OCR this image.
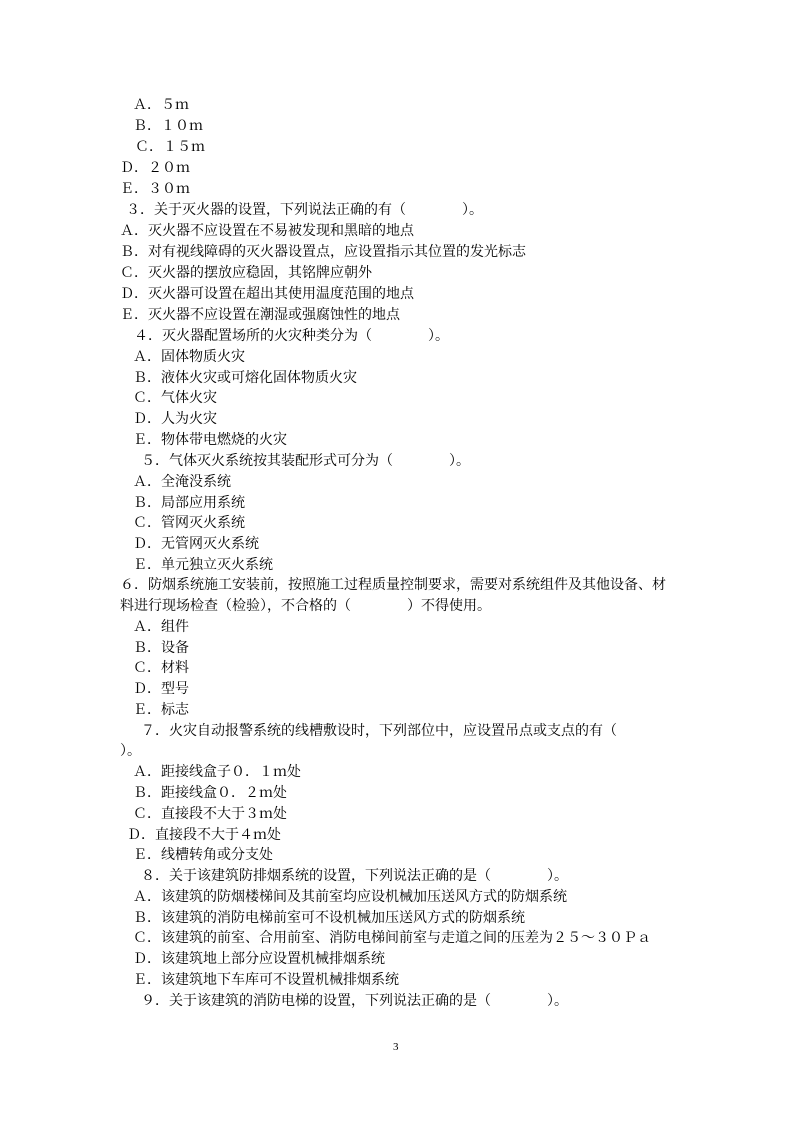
Ａ．５ｍ
Ｂ．１０ｍ
Ｃ．１５ｍ
Ｄ．２０ｍ
Ｅ．３０ｍ
３．关于灭火器的设置，下列说法正确的有（　　　　）。
Ａ．灭火器不应设置在不易被发现和黑暗的地点
Ｂ．对有视线障碍的灭火器设置点，应设置指示其位置的发光标志
Ｃ．灭火器的摆放应稳固，其铭牌应朝外
Ｄ．灭火器可设置在超出其使用温度范围的地点
Ｅ．灭火器不应设置在潮湿或强腐蚀性的地点
４．灭火器配置场所的火灾种类分为（　　　　）。
Ａ．固体物质火灾
Ｂ．液体火灾或可熔化固体物质火灾
Ｃ．气体火灾
Ｄ．人为火灾
Ｅ．物体带电燃烧的火灾
５．气体灭火系统按其装配形式可分为（　　　　）。
Ａ．全淹没系统
Ｂ．局部应用系统
Ｃ．管网灭火系统
Ｄ．无管网灭火系统
Ｅ．单元独立灭火系统
６．防烟系统施工安装前，按照施工过程质量控制要求，需要对系统组件及其他设备、材
料进行现场检查（检验），不合格的（　　　　）不得使用。
Ａ．组件
Ｂ．设备
Ｃ．材料
Ｄ．型号
Ｅ．标志
７．火灾自动报警系统的线槽敷设时，下列部位中，应设置吊点或支点的有（
）。
Ａ．距接线盒子０．１ｍ处
Ｂ．距接线盒０．２ｍ处
Ｃ．直接段不大于３ｍ处
Ｄ．直接段不大于４ｍ处
Ｅ．线槽转角或分支处
８．关于该建筑防排烟系统的设置，下列说法正确的是（　　　　）。
Ａ．该建筑的防烟楼梯间及其前室均应设机械加压送风方式的防烟系统
Ｂ．该建筑的消防电梯前室可不设机械加压送风方式的防烟系统
Ｃ．该建筑的前室、合用前室、消防电梯间前室与走道之间的压差为２５～３０Ｐａ
Ｄ．该建筑地上部分应设置机械排烟系统
Ｅ．该建筑地下车库可不设置机械排烟系统
９．关于该建筑的消防电梯的设置，下列说法正确的是（　　　　）。
3
